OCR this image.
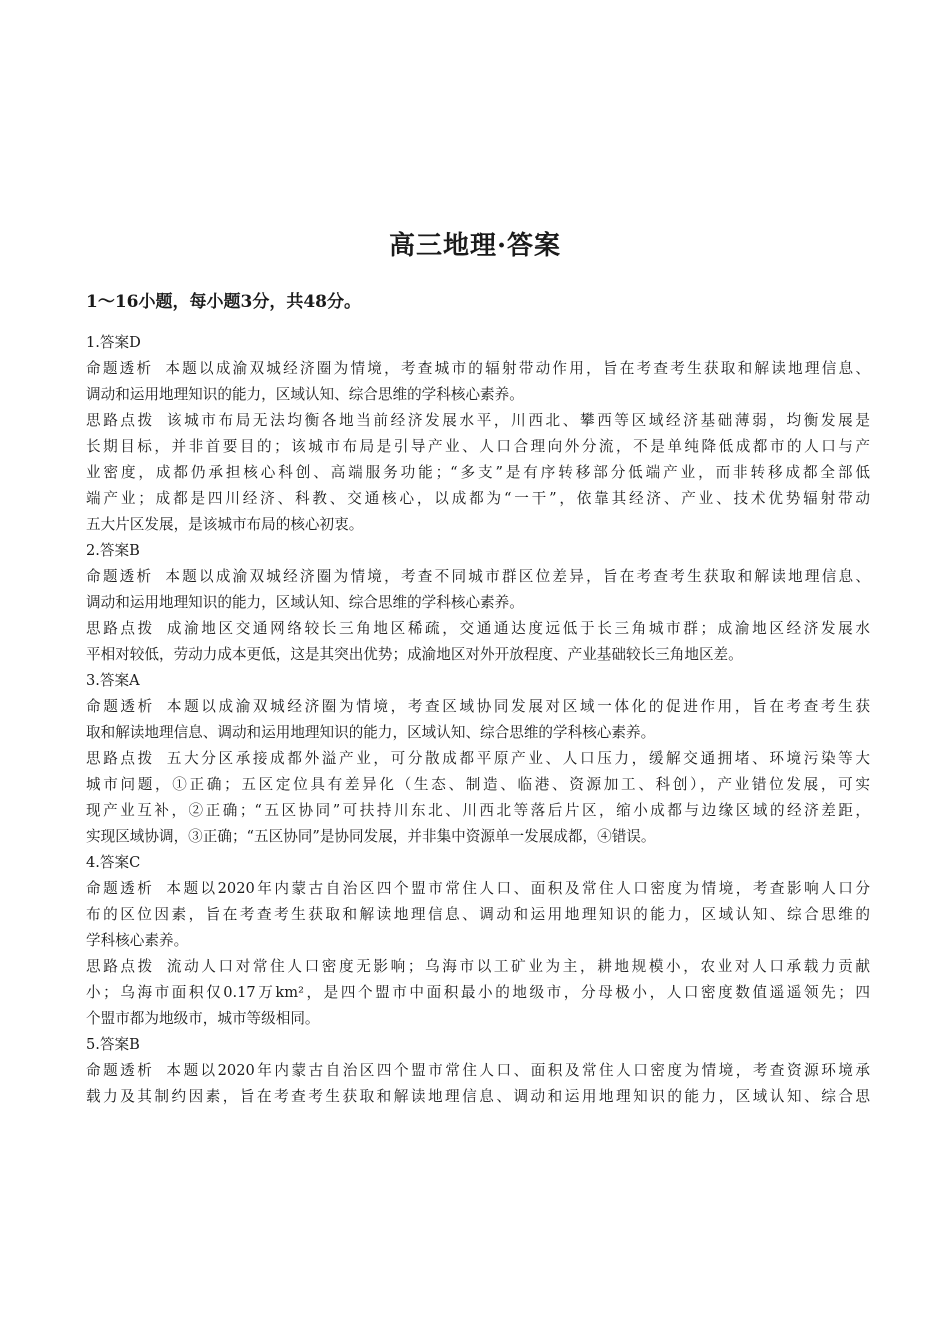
高三地理·答案
1～16小题，每小题3分，共48分。

1.答案D

命题透析 本题以成渝双城经济圈为情境，考查城市的辐射带动作用，旨在考查考生获取和解读地理信息、
调动和运用地理知识的能力，区域认知、综合思维的学科核心素养。
思路点拨 该城市布局无法均衡各地当前经济发展水平，川西北、攀西等区域经济基础薄弱，均衡发展是
长期目标，并非首要目的；该城市布局是引导产业、人口合理向外分流，不是单纯降低成都市的人口与产
业密度，成都仍承担核心科创、高端服务功能；“多支”是有序转移部分低端产业，而非转移成都全部低
端产业；成都是四川经济、科教、交通核心，以成都为“一干”，依靠其经济、产业、技术优势辐射带动
五大片区发展，是该城市布局的核心初衷。

2.答案B

命题透析 本题以成渝双城经济圈为情境，考查不同城市群区位差异，旨在考查考生获取和解读地理信息、
调动和运用地理知识的能力，区域认知、综合思维的学科核心素养。
思路点拨 成渝地区交通网络较长三角地区稀疏，交通通达度远低于长三角城市群；成渝地区经济发展水
平相对较低，劳动力成本更低，这是其突出优势；成渝地区对外开放程度、产业基础较长三角地区差。

3.答案A

命题透析 本题以成渝双城经济圈为情境，考查区域协同发展对区域一体化的促进作用，旨在考查考生获
取和解读地理信息、调动和运用地理知识的能力，区域认知、综合思维的学科核心素养。
思路点拨 五大分区承接成都外溢产业，可分散成都平原产业、人口压力，缓解交通拥堵、环境污染等大
城市问题，①正确；五区定位具有差异化（生态、制造、临港、资源加工、科创），产业错位发展，可实
现产业互补，②正确；“五区协同”可扶持川东北、川西北等落后片区，缩小成都与边缘区域的经济差距，
实现区域协调，③正确；“五区协同”是协同发展，并非集中资源单一发展成都，④错误。

4.答案C

命题透析 本题以2020年内蒙古自治区四个盟市常住人口、面积及常住人口密度为情境，考查影响人口分
布的区位因素，旨在考查考生获取和解读地理信息、调动和运用地理知识的能力，区域认知、综合思维的
学科核心素养。
思路点拨 流动人口对常住人口密度无影响；乌海市以工矿业为主，耕地规模小，农业对人口承载力贡献
小；乌海市面积仅0.17万km²，是四个盟市中面积最小的地级市，分母极小，人口密度数值遥遥领先；四
个盟市都为地级市，城市等级相同。

5.答案B

命题透析 本题以2020年内蒙古自治区四个盟市常住人口、面积及常住人口密度为情境，考查资源环境承
载力及其制约因素，旨在考查考生获取和解读地理信息、调动和运用地理知识的能力，区域认知、综合思
